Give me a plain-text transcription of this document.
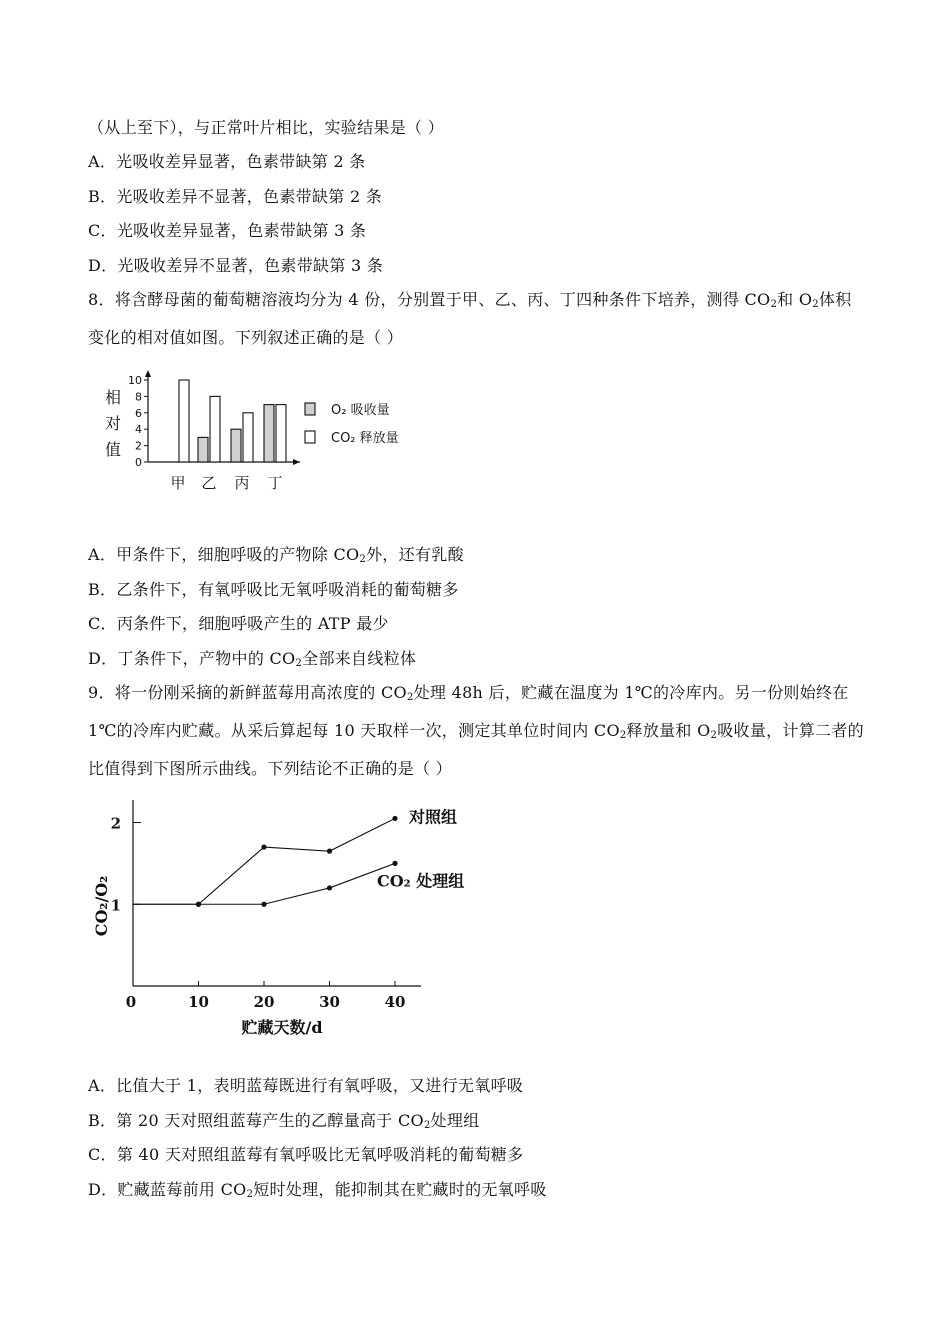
（从上至下），与正常叶片相比，实验结果是（ ）
A．光吸收差异显著，色素带缺第 2 条
B．光吸收差异不显著，色素带缺第 2 条
C．光吸收差异显著，色素带缺第 3 条
D．光吸收差异不显著，色素带缺第 3 条
8．将含酵母菌的葡萄糖溶液均分为 4 份，分别置于甲、乙、丙、丁四种条件下培养，测得 $CO_2$和 $O_2$体积
变化的相对值如图。下列叙述正确的是（ ）
0
2
4
6
8
10
相
对
值
甲 乙 丙 丁
O₂ 吸收量
CO₂ 释放量
A．甲条件下，细胞呼吸的产物除 $CO_2$外，还有乳酸
B．乙条件下，有氧呼吸比无氧呼吸消耗的葡萄糖多
C．丙条件下，细胞呼吸产生的 ATP 最少
D．丁条件下，产物中的 $CO_2$全部来自线粒体
9．将一份刚采摘的新鲜蓝莓用高浓度的 $CO_2$处理 48h 后，贮藏在温度为 1℃的冷库内。另一份则始终在
1℃的冷库内贮藏。从采后算起每 10 天取样一次，测定其单位时间内 $CO_2$释放量和 $O_2$吸收量，计算二者的
比值得到下图所示曲线。下列结论不正确的是（ ）
0	10	20	30	40
1
2
贮藏天数/d
CO₂/O₂
对照组
CO₂ 处理组
A．比值大于 1，表明蓝莓既进行有氧呼吸，又进行无氧呼吸
B．第 20 天对照组蓝莓产生的乙醇量高于 $CO_2$处理组
C．第 40 天对照组蓝莓有氧呼吸比无氧呼吸消耗的葡萄糖多
D．贮藏蓝莓前用 $CO_2$短时处理，能抑制其在贮藏时的无氧呼吸
